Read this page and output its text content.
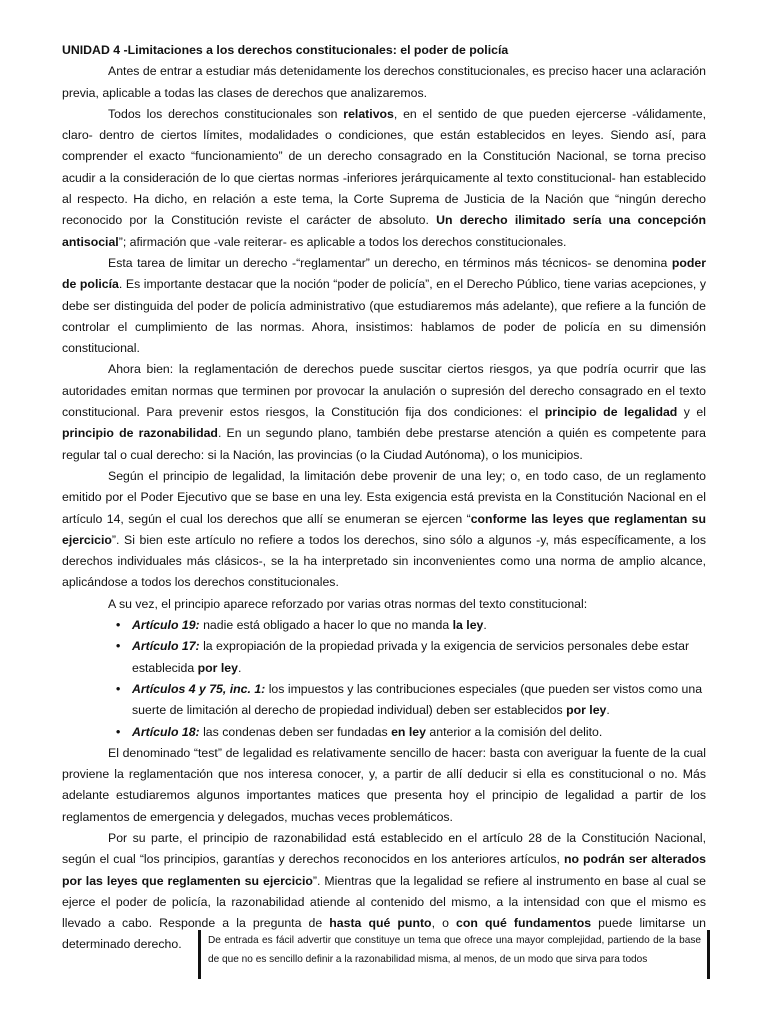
UNIDAD 4 -Limitaciones a los derechos constitucionales: el poder de policía

Antes de entrar a estudiar más detenidamente los derechos constitucionales, es preciso hacer una aclaración previa, aplicable a todas las clases de derechos que analizaremos.

Todos los derechos constitucionales son relativos, en el sentido de que pueden ejercerse -válidamente, claro- dentro de ciertos límites, modalidades o condiciones, que están establecidos en leyes. Siendo así, para comprender el exacto “funcionamiento” de un derecho consagrado en la Constitución Nacional, se torna preciso acudir a la consideración de lo que ciertas normas -inferiores jerárquicamente al texto constitucional- han establecido al respecto. Ha dicho, en relación a este tema, la Corte Suprema de Justicia de la Nación que “ningún derecho reconocido por la Constitución reviste el carácter de absoluto. Un derecho ilimitado sería una concepción antisocial”; afirmación que -vale reiterar- es aplicable a todos los derechos constitucionales.

Esta tarea de limitar un derecho -“reglamentar” un derecho, en términos más técnicos- se denomina poder de policía. Es importante destacar que la noción “poder de policía”, en el Derecho Público, tiene varias acepciones, y debe ser distinguida del poder de policía administrativo (que estudiaremos más adelante), que refiere a la función de controlar el cumplimiento de las normas. Ahora, insistimos: hablamos de poder de policía en su dimensión constitucional.

Ahora bien: la reglamentación de derechos puede suscitar ciertos riesgos, ya que podría ocurrir que las autoridades emitan normas que terminen por provocar la anulación o supresión del derecho consagrado en el texto constitucional. Para prevenir estos riesgos, la Constitución fija dos condiciones: el principio de legalidad y el principio de razonabilidad. En un segundo plano, también debe prestarse atención a quién es competente para regular tal o cual derecho: si la Nación, las provincias (o la Ciudad Autónoma), o los municipios.

Según el principio de legalidad, la limitación debe provenir de una ley; o, en todo caso, de un reglamento emitido por el Poder Ejecutivo que se base en una ley. Esta exigencia está prevista en la Constitución Nacional en el artículo 14, según el cual los derechos que allí se enumeran se ejercen “conforme las leyes que reglamentan su ejercicio”. Si bien este artículo no refiere a todos los derechos, sino sólo a algunos -y, más específicamente, a los derechos individuales más clásicos-, se la ha interpretado sin inconvenientes como una norma de amplio alcance, aplicándose a todos los derechos constitucionales.

A su vez, el principio aparece reforzado por varias otras normas del texto constitucional:

• Artículo 19: nadie está obligado a hacer lo que no manda la ley.
• Artículo 17: la expropiación de la propiedad privada y la exigencia de servicios personales debe estar establecida por ley.
• Artículos 4 y 75, inc. 1: los impuestos y las contribuciones especiales (que pueden ser vistos como una suerte de limitación al derecho de propiedad individual) deben ser establecidos por ley.
• Artículo 18: las condenas deben ser fundadas en ley anterior a la comisión del delito.

El denominado “test” de legalidad es relativamente sencillo de hacer: basta con averiguar la fuente de la cual proviene la reglamentación que nos interesa conocer, y, a partir de allí deducir si ella es constitucional o no. Más adelante estudiaremos algunos importantes matices que presenta hoy el principio de legalidad a partir de los reglamentos de emergencia y delegados, muchas veces problemáticos.

Por su parte, el principio de razonabilidad está establecido en el artículo 28 de la Constitución Nacional, según el cual “los principios, garantías y derechos reconocidos en los anteriores artículos, no podrán ser alterados por las leyes que reglamenten su ejercicio”. Mientras que la legalidad se refiere al instrumento en base al cual se ejerce el poder de policía, la razonabilidad atiende al contenido del mismo, a la intensidad con que el mismo es llevado a cabo. Responde a la pregunta de hasta qué punto, o con qué fundamentos puede limitarse un determinado derecho.	De entrada es fácil advertir que constituye un tema que ofrece una mayor complejidad, partiendo de la base de que no es sencillo definir a la razonabilidad misma, al menos, de un modo que sirva para todos
